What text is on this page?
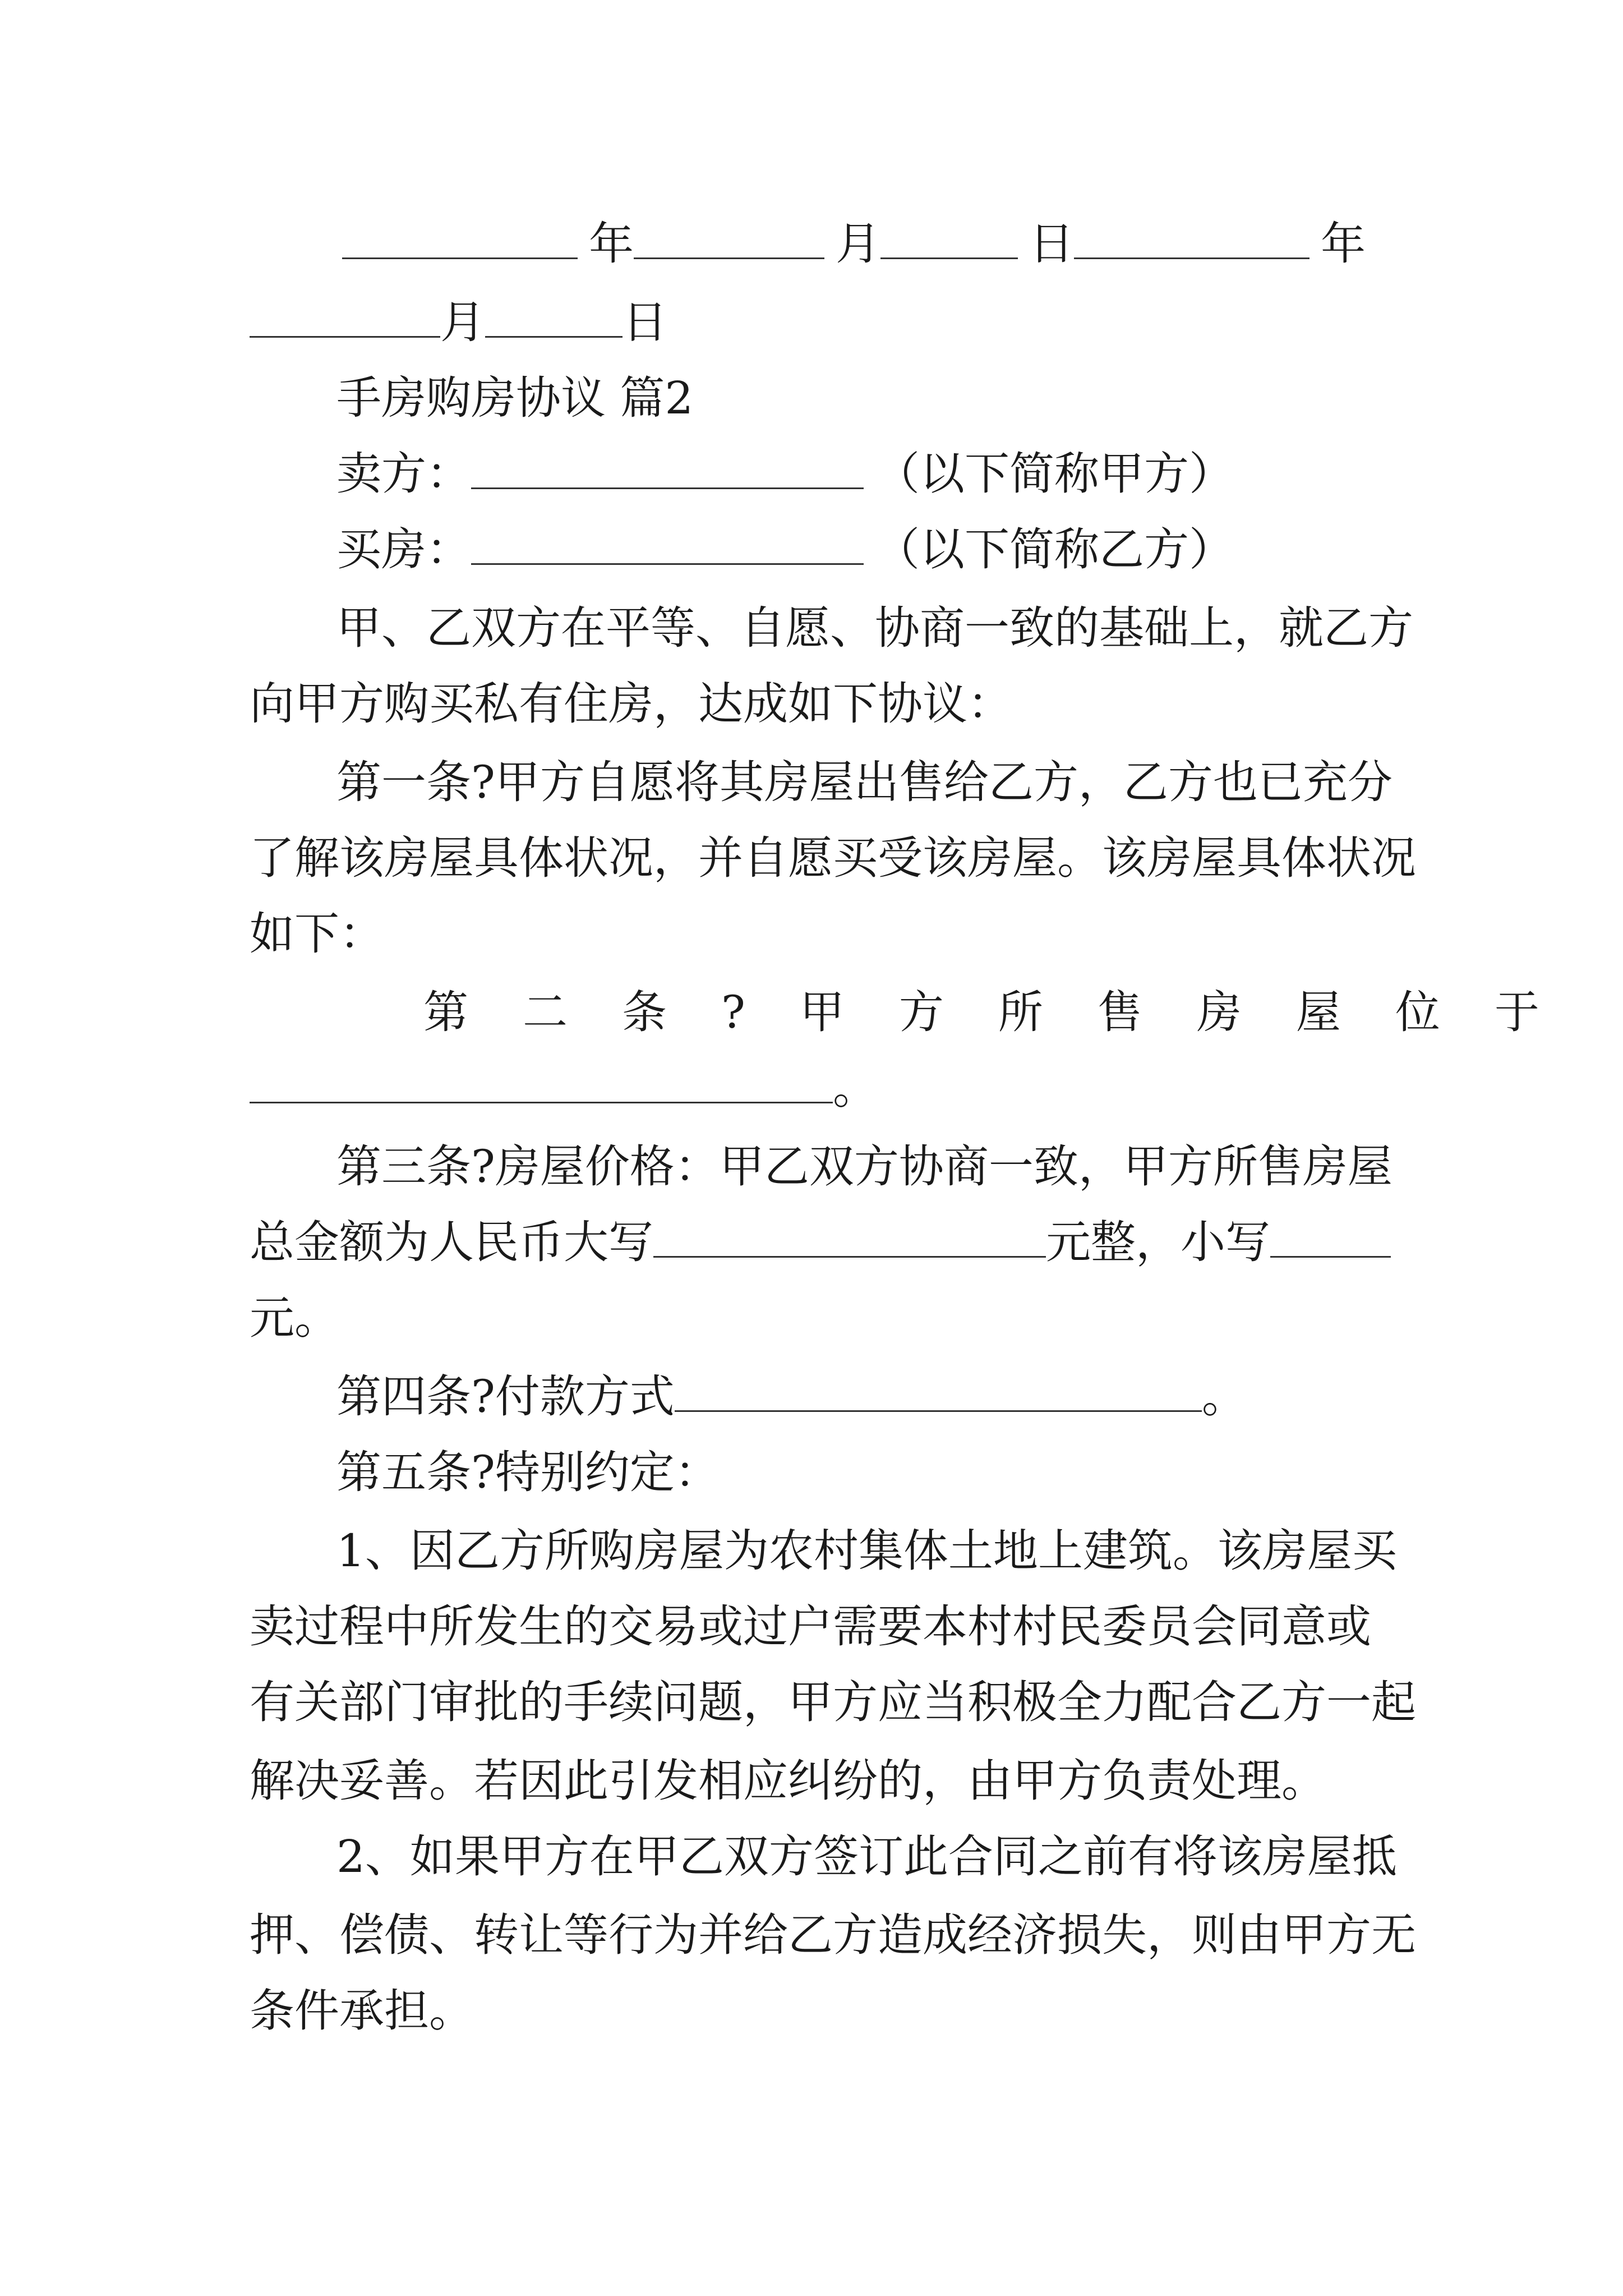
年	月	日	年
月	日
手房购房协议 篇2
卖方：	（以下简称甲方）
买房：	（以下简称乙方）
甲、乙双方在平等、自愿、协商一致的基础上，就乙方
向甲方购买私有住房，达成如下协议：
第一条?甲方自愿将其房屋出售给乙方，乙方也已充分
了解该房屋具体状况，并自愿买受该房屋。该房屋具体状况
如下：
第二条?甲方所售房屋位于
。
第三条?房屋价格：甲乙双方协商一致，甲方所售房屋
总金额为人民币大写	元整，小写
元。
第四条?付款方式	。
第五条?特别约定：
1、因乙方所购房屋为农村集体土地上建筑。该房屋买
卖过程中所发生的交易或过户需要本村村民委员会同意或
有关部门审批的手续问题，甲方应当积极全力配合乙方一起
解决妥善。若因此引发相应纠纷的，由甲方负责处理。
2、如果甲方在甲乙双方签订此合同之前有将该房屋抵
押、偿债、转让等行为并给乙方造成经济损失，则由甲方无
条件承担。
